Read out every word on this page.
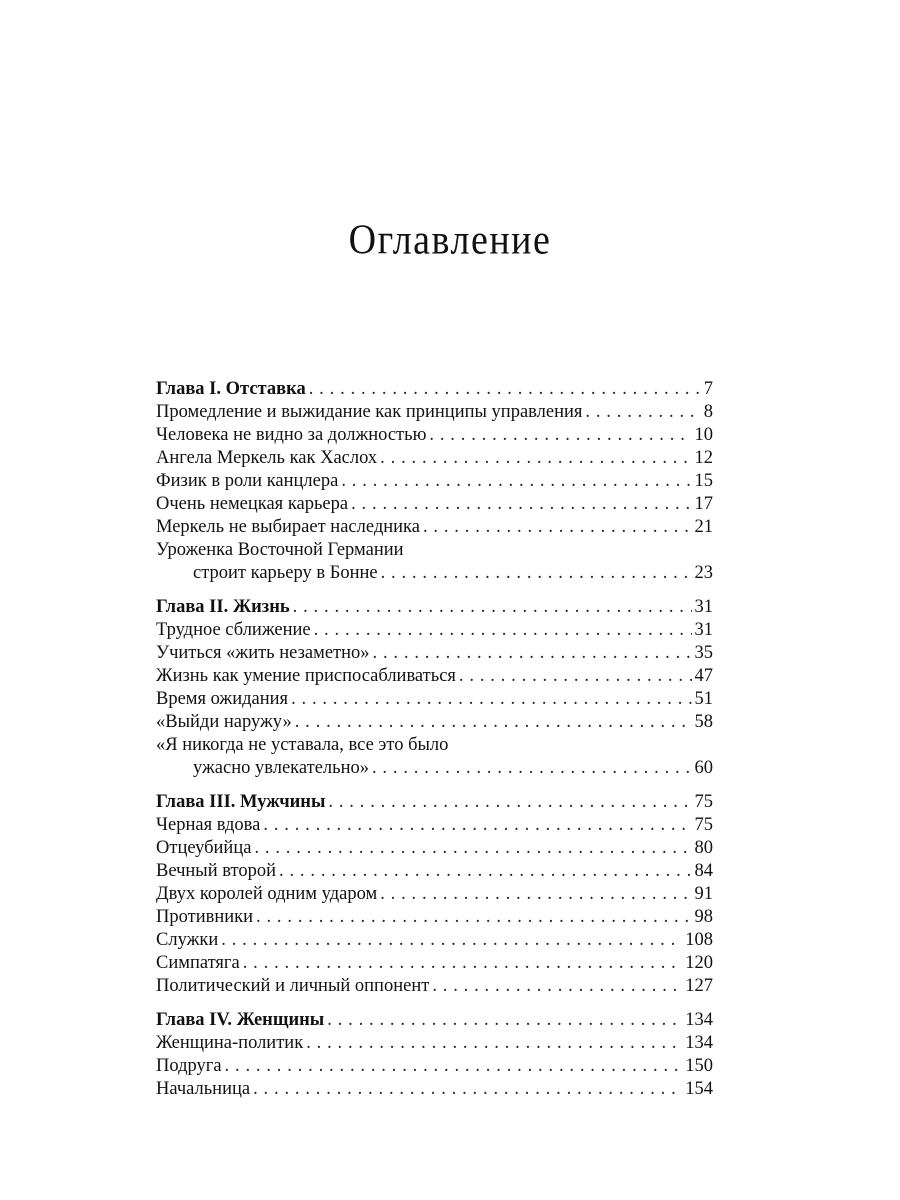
Оглавление
Глава I. Отставка . . .	7
Промедление и выжидание как принципы управления . . .	8
Человека не видно за должностью . . .	10
Ангела Меркель как Хаслох . . .	12
Физик в роли канцлера . . .	15
Очень немецкая карьера . . .	17
Меркель не выбирает наследника . . .	21
Уроженка Восточной Германии
строит карьеру в Бонне . . .	23
Глава II. Жизнь . . .	31
Трудное сближение . . .	31
Учиться «жить незаметно» . . .	35
Жизнь как умение приспосабливаться . . .	47
Время ожидания . . .	51
«Выйди наружу» . . .	58
«Я никогда не уставала, все это было
ужасно увлекательно» . . .	60
Глава III. Мужчины . . .	75
Черная вдова . . .	75
Отцеубийца . . .	80
Вечный второй . . .	84
Двух королей одним ударом . . .	91
Противники . . .	98
Служки . . .	108
Симпатяга . . .	120
Политический и личный оппонент . . .	127
Глава IV. Женщины . . .	134
Женщина-политик . . .	134
Подруга . . .	150
Начальница . . .	154
